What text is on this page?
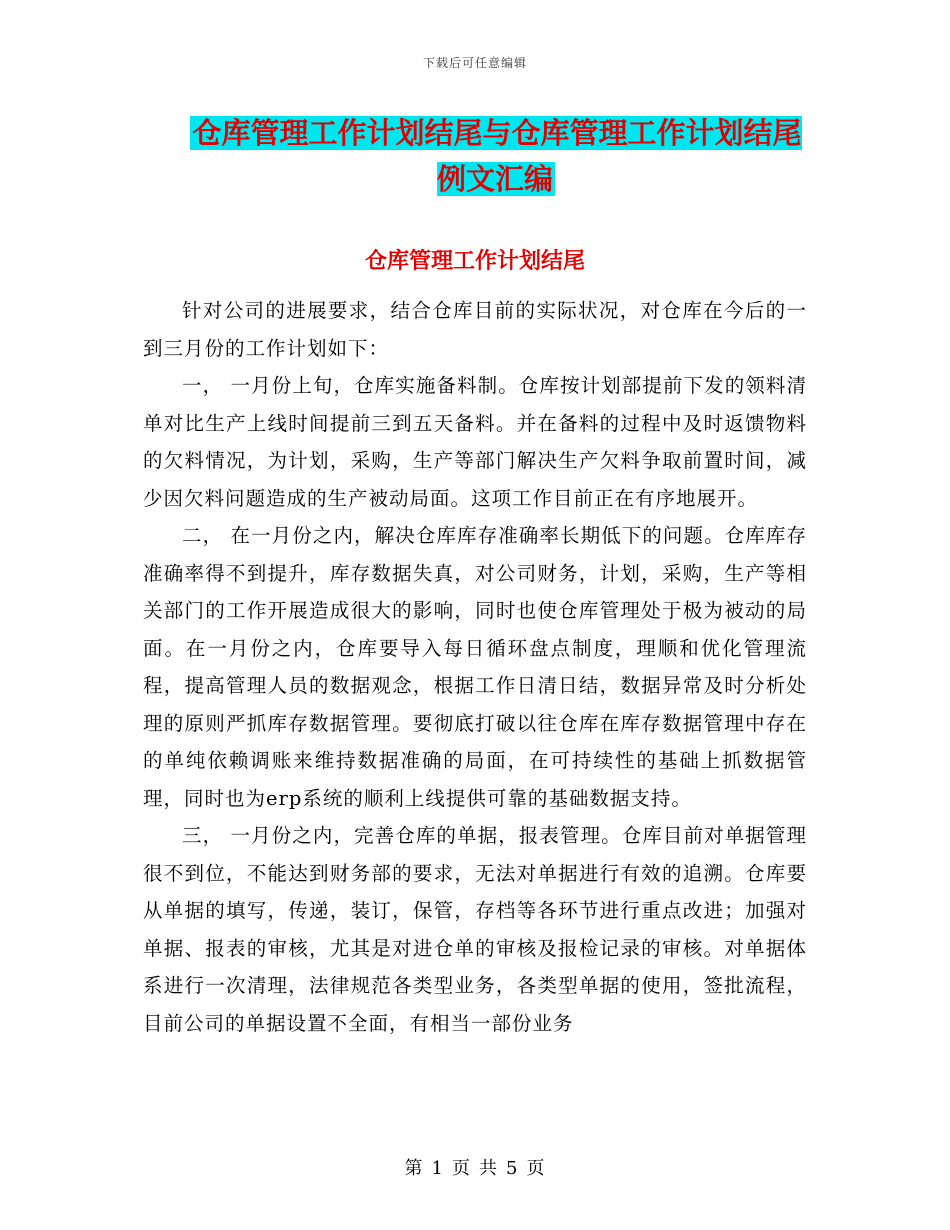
下载后可任意编辑
仓库管理工作计划结尾与仓库管理工作计划结尾例文汇编
仓库管理工作计划结尾

针对公司的进展要求，结合仓库目前的实际状况，对仓库在今后的一到三月份的工作计划如下：

一， 一月份上旬，仓库实施备料制。仓库按计划部提前下发的领料清单对比生产上线时间提前三到五天备料。并在备料的过程中及时返馈物料的欠料情况，为计划，采购，生产等部门解决生产欠料争取前置时间，减少因欠料问题造成的生产被动局面。这项工作目前正在有序地展开。

二， 在一月份之内，解决仓库库存准确率长期低下的问题。仓库库存准确率得不到提升，库存数据失真，对公司财务，计划，采购，生产等相关部门的工作开展造成很大的影响，同时也使仓库管理处于极为被动的局面。在一月份之内，仓库要导入每日循环盘点制度，理顺和优化管理流程，提高管理人员的数据观念，根据工作日清日结，数据异常及时分析处理的原则严抓库存数据管理。要彻底打破以往仓库在库存数据管理中存在的单纯依赖调账来维持数据准确的局面，在可持续性的基础上抓数据管理，同时也为erp系统的顺利上线提供可靠的基础数据支持。

三， 一月份之内，完善仓库的单据，报表管理。仓库目前对单据管理很不到位，不能达到财务部的要求，无法对单据进行有效的追溯。仓库要从单据的填写，传递，装订，保管，存档等各环节进行重点改进；加强对单据、报表的审核，尤其是对进仓单的审核及报检记录的审核。对单据体系进行一次清理，法律规范各类型业务，各类型单据的使用，签批流程，目前公司的单据设置不全面，有相当一部份业务

第 1 页 共 5 页
